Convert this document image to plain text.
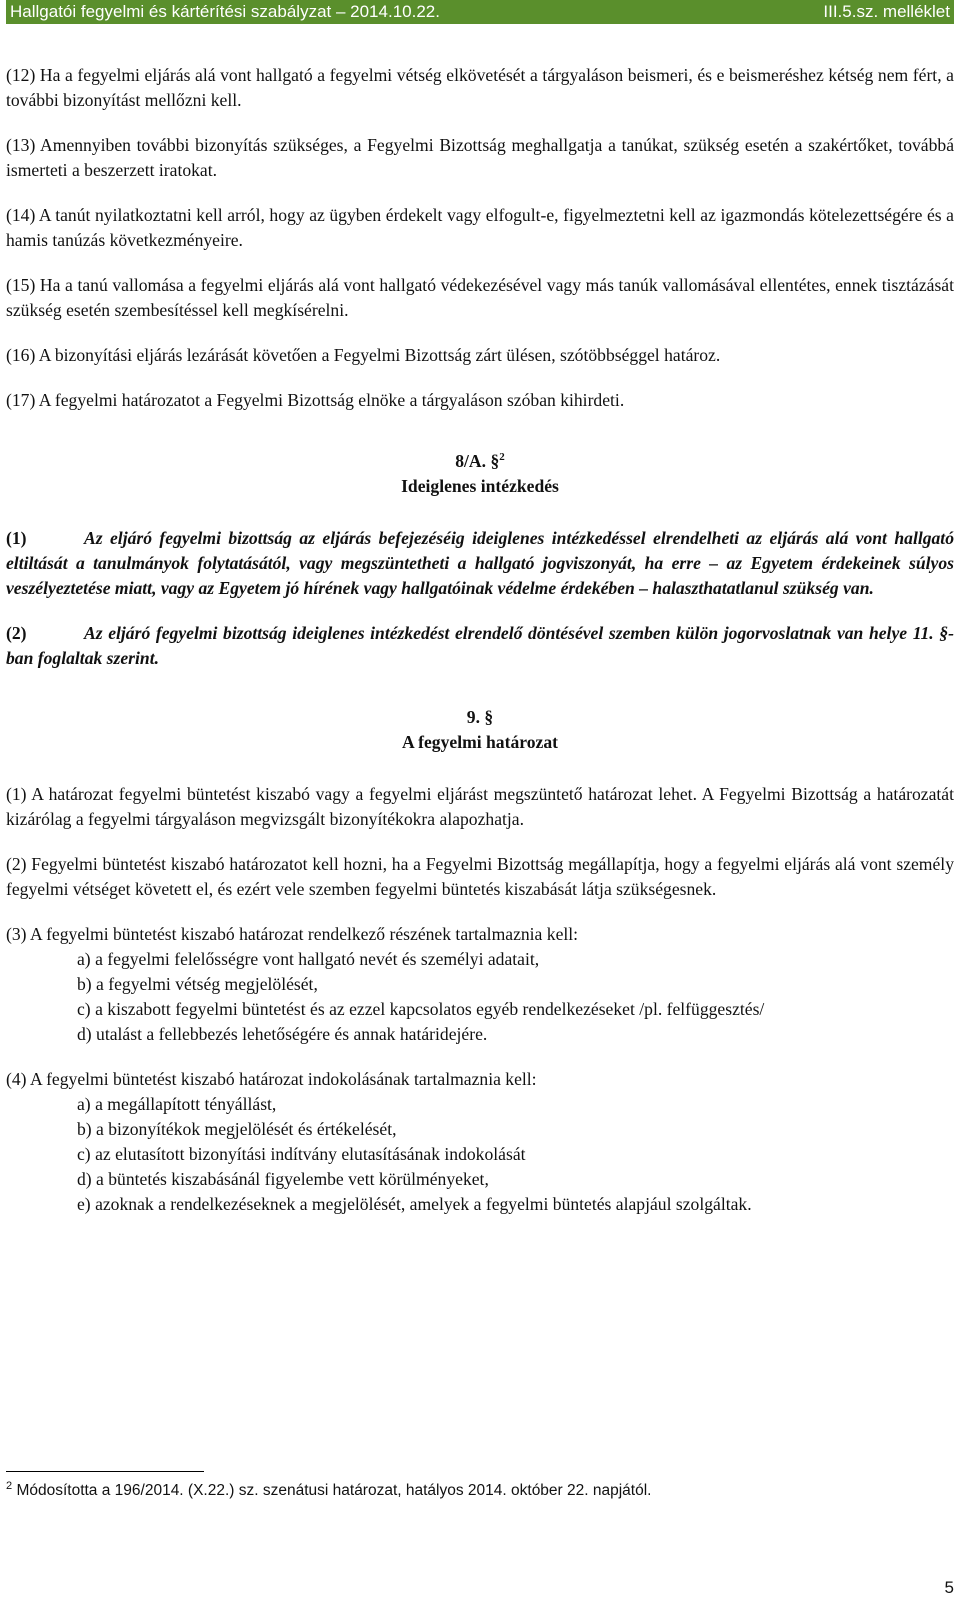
Hallgatói fegyelmi és kártérítési szabályzat – 2014.10.22.	III.5.sz. melléklet

(12) Ha a fegyelmi eljárás alá vont hallgató a fegyelmi vétség elkövetését a tárgyaláson beismeri, és e beismeréshez kétség nem fért, a további bizonyítást mellőzni kell.

(13) Amennyiben további bizonyítás szükséges, a Fegyelmi Bizottság meghallgatja a tanúkat, szükség esetén a szakértőket, továbbá ismerteti a beszerzett iratokat.

(14) A tanút nyilatkoztatni kell arról, hogy az ügyben érdekelt vagy elfogult-e, figyelmeztetni kell az igazmondás kötelezettségére és a hamis tanúzás következményeire.

(15) Ha a tanú vallomása a fegyelmi eljárás alá vont hallgató védekezésével vagy más tanúk vallomásával ellentétes, ennek tisztázását szükség esetén szembesítéssel kell megkísérelni.

(16) A bizonyítási eljárás lezárását követően a Fegyelmi Bizottság zárt ülésen, szótöbbséggel határoz.

(17) A fegyelmi határozatot a Fegyelmi Bizottság elnöke a tárgyaláson szóban kihirdeti.

8/A. §$^2$

Ideiglenes intézkedés

(1)	Az eljáró fegyelmi bizottság az eljárás befejezéséig ideiglenes intézkedéssel elrendelheti az eljárás alá vont hallgató eltiltását a tanulmányok folytatásától, vagy megszüntetheti a hallgató jogviszonyát, ha erre – az Egyetem érdekeinek súlyos veszélyeztetése miatt, vagy az Egyetem jó hírének vagy hallgatóinak védelme érdekében – halaszthatatlanul szükség van.

(2)	Az eljáró fegyelmi bizottság ideiglenes intézkedést elrendelő döntésével szemben külön jogorvoslatnak van helye 11. §-ban foglaltak szerint.

9. §

A fegyelmi határozat

(1) A határozat fegyelmi büntetést kiszabó vagy a fegyelmi eljárást megszüntető határozat lehet. A Fegyelmi Bizottság a határozatát kizárólag a fegyelmi tárgyaláson megvizsgált bizonyítékokra alapozhatja.

(2) Fegyelmi büntetést kiszabó határozatot kell hozni, ha a Fegyelmi Bizottság megállapítja, hogy a fegyelmi eljárás alá vont személy fegyelmi vétséget követett el, és ezért vele szemben fegyelmi büntetés kiszabását látja szükségesnek.

(3) A fegyelmi büntetést kiszabó határozat rendelkező részének tartalmaznia kell:

a) a fegyelmi felelősségre vont hallgató nevét és személyi adatait,

b) a fegyelmi vétség megjelölését,

c) a kiszabott fegyelmi büntetést és az ezzel kapcsolatos egyéb rendelkezéseket /pl. felfüggesztés/

d) utalást a fellebbezés lehetőségére és annak határidejére.

(4) A fegyelmi büntetést kiszabó határozat indokolásának tartalmaznia kell:

a) a megállapított tényállást,

b) a bizonyítékok megjelölését és értékelését,

c) az elutasított bizonyítási indítvány elutasításának indokolását

d) a büntetés kiszabásánál figyelembe vett körülményeket,

e) azoknak a rendelkezéseknek a megjelölését, amelyek a fegyelmi büntetés alapjául szolgáltak.

$^2$ Módosította a 196/2014. (X.22.) sz. szenátusi határozat, hatályos 2014. október 22. napjától.
5
